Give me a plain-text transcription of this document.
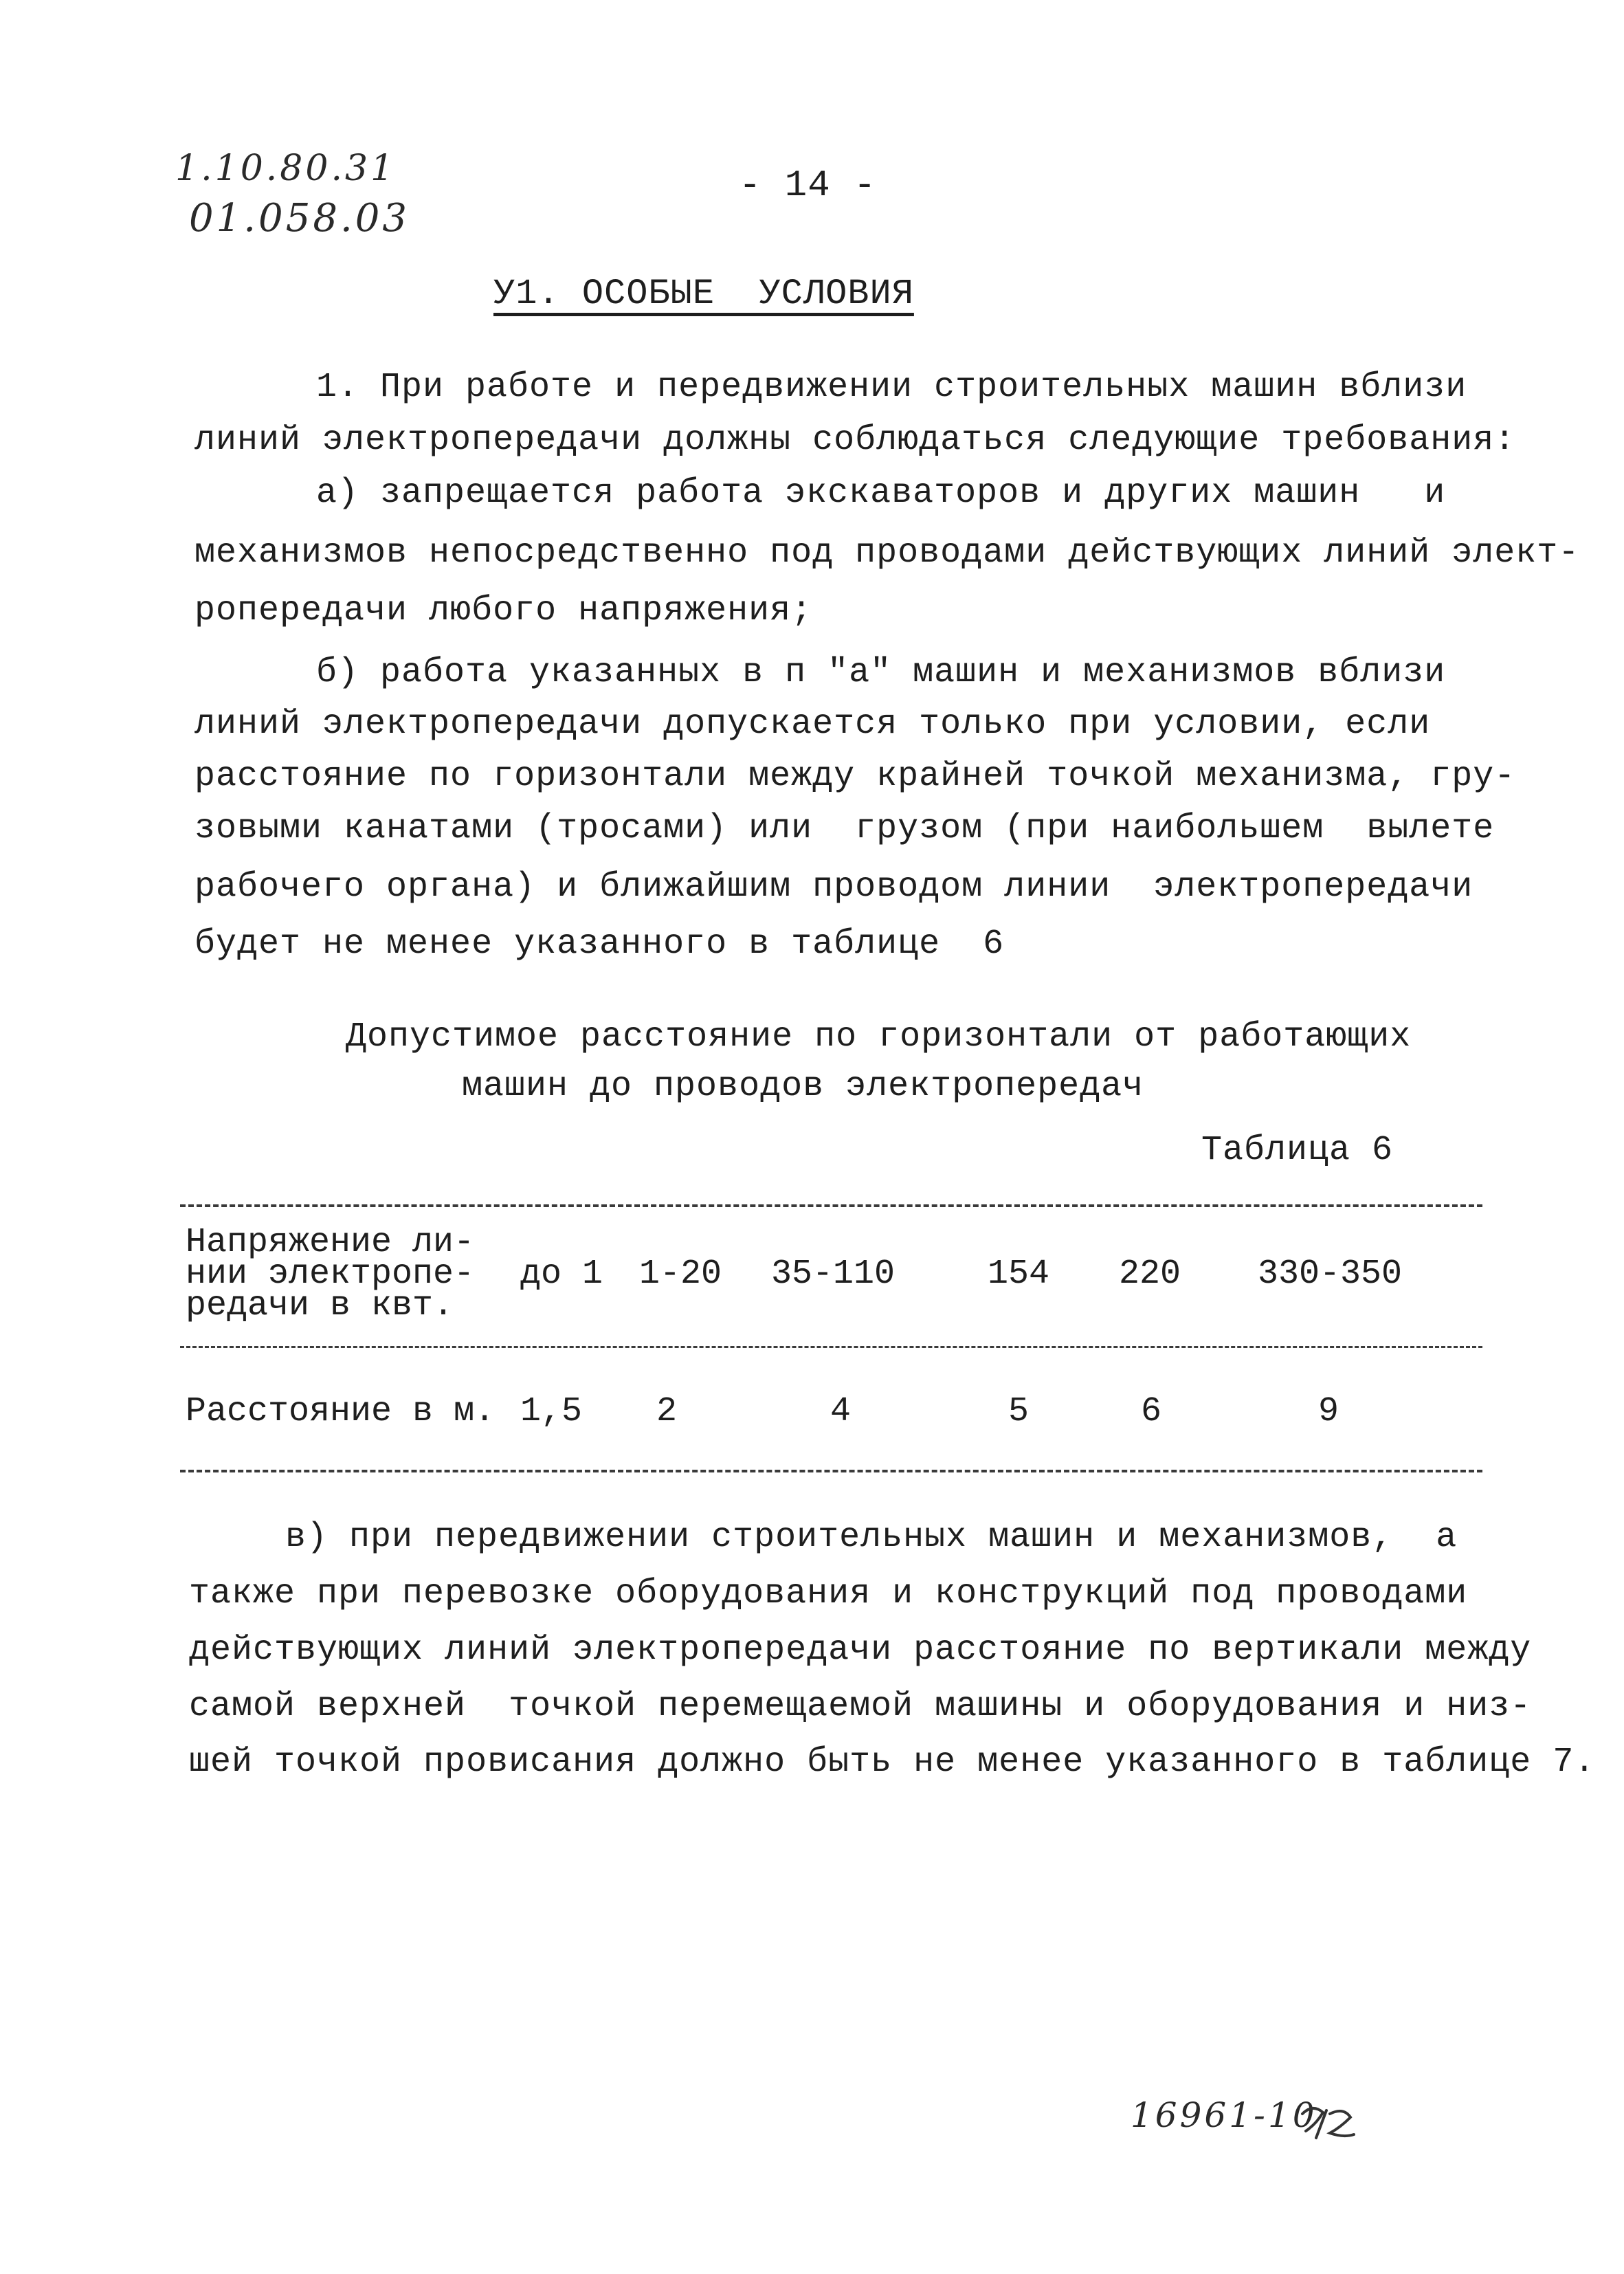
1.10.80.31
01.058.03
- 14 -
У1. ОСОБЫЕ  УСЛОВИЯ
1. При работе и передвижении строительных машин вблизи
линий электропередачи должны соблюдаться следующие требования:
а) запрещается работа экскаваторов и других машин   и
механизмов непосредственно под проводами действующих линий элект-
ропередачи любого напряжения;
б) работа указанных в п "а" машин и механизмов вблизи
линий электропередачи допускается только при условии, если
расстояние по горизонтали между крайней точкой механизма, гру-
зовыми канатами (тросами) или  грузом (при наибольшем  вылете
рабочего органа) и ближайшим проводом линии  электропередачи
будет не менее указанного в таблице  6
Допустимое расстояние по горизонтали от работающих
машин до проводов электропередач
Таблица 6
Напряжение ли-
нии электропе-
редачи в квт.
до 1 1-20 35-110	154 220 330-350
Расстояние в м. 1,5 2	4	5	6	9
в) при передвижении строительных машин и механизмов,  а
также при перевозке оборудования и конструкций под проводами
действующих линий электропередачи расстояние по вертикали между
самой верхней  точкой перемещаемой машины и оборудования и низ-
шей точкой провисания должно быть не менее указанного в таблице 7.
16961-10
